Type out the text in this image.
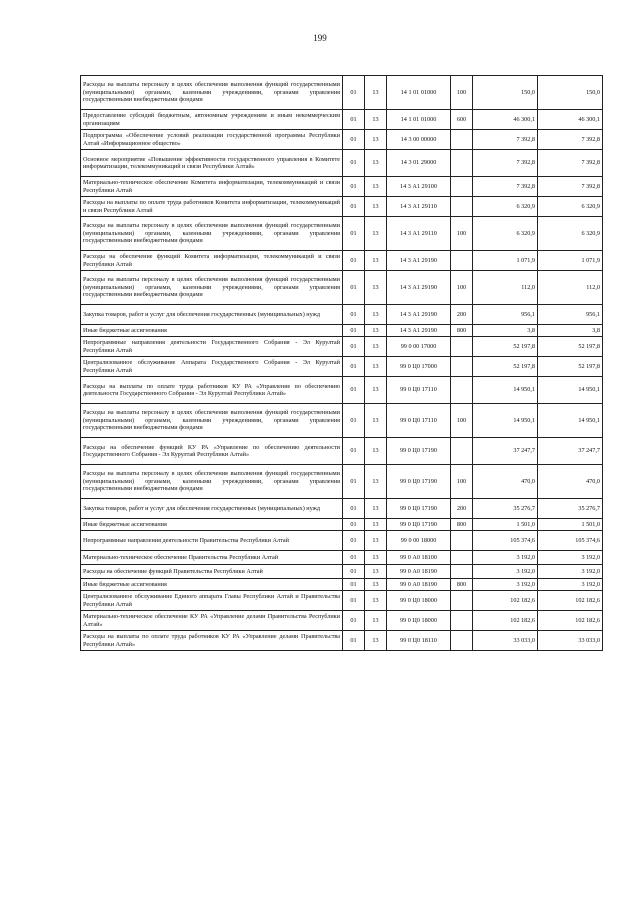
199
Расходы на выплаты персоналу в целях обеспечения выполнения функций государственными (муниципальными) органами, казенными учреждениями, органами управления государственными внебюджетными фондами	01	13	14 1 01 01000	100	150,0	150,0
Предоставление субсидий бюджетным, автономным учреждениям и иным некоммерческим организациям	01	13	14 1 01 01000	600	46 300,1	46 300,1
Подпрограмма «Обеспечение условий реализации государственной программы Республики Алтай «Информационное общество»	01	13	14 3 00 00000		7 392,8	7 392,8
Основное мероприятие «Повышение эффективности государственного управления в Комитете информатизации, телекоммуникаций и связи Республики Алтай»	01	13	14 3 01 29000		7 392,8	7 392,8
Материально-техническое обеспечение Комитета информатизации, телекоммуникаций и связи Республики Алтай	01	13	14 3 А1 29100		7 392,8	7 392,8
Расходы на выплаты по оплате труда работников Комитета информатизации, телекоммуникаций и связи Республики Алтай	01	13	14 3 А1 29110		6 320,9	6 320,9
Расходы на выплаты персоналу в целях обеспечения выполнения функций государственными (муниципальными) органами, казенными учреждениями, органами управления государственными внебюджетными фондами	01	13	14 3 А1 29110	100	6 320,9	6 320,9
Расходы на обеспечение функций Комитета информатизации, телекоммуникаций и связи Республики Алтай	01	13	14 3 А1 29190		1 071,9	1 071,9
Расходы на выплаты персоналу в целях обеспечения выполнения функций государственными (муниципальными) органами, казенными учреждениями, органами управления государственными внебюджетными фондами	01	13	14 3 А1 29190	100	112,0	112,0
Закупка товаров, работ и услуг для обеспечения государственных (муниципальных) нужд	01	13	14 3 А1 29190	200	956,1	956,1
Иные бюджетные ассигнования	01	13	14 3 А1 29190	800	3,8	3,8
Непрограммные направления деятельности Государственного Собрания - Эл Курултай Республики Алтай	01	13	99 0 00 17000		52 197,8	52 197,8
Централизованное обслуживание Аппарата Государственного Собрания - Эл Курултай Республики Алтай	01	13	99 0 Ц0 17000		52 197,8	52 197,8
Расходы на выплаты по оплате труда работников КУ РА «Управление по обеспечению деятельности Государственного Собрания - Эл Курултай Республики Алтай»	01	13	99 0 Ц0 17110		14 950,1	14 950,1
Расходы на выплаты персоналу в целях обеспечения выполнения функций государственными (муниципальными) органами, казенными учреждениями, органами управления государственными внебюджетными фондами	01	13	99 0 Ц0 17110	100	14 950,1	14 950,1
Расходы на обеспечение функций КУ РА «Управление по обеспечению деятельности Государственного Собрания - Эл Курултай Республики Алтай»	01	13	99 0 Ц0 17190		37 247,7	37 247,7
Расходы на выплаты персоналу в целях обеспечения выполнения функций государственными (муниципальными) органами, казенными учреждениями, органами управления государственными внебюджетными фондами	01	13	99 0 Ц0 17190	100	470,0	470,0
Закупка товаров, работ и услуг для обеспечения государственных (муниципальных) нужд	01	13	99 0 Ц0 17190	200	35 276,7	35 276,7
Иные бюджетные ассигнования	01	13	99 0 Ц0 17190	800	1 501,0	1 501,0
Непрограммные направления деятельности Правительства Республики Алтай	01	13	99 0 00 18000		105 374,6	105 374,6
Материально-техническое обеспечение Правительства Республики Алтай	01	13	99 0 А0 18100		3 192,0	3 192,0
Расходы на обеспечение функций Правительства Республики Алтай	01	13	99 0 А0 18190		3 192,0	3 192,0
Иные бюджетные ассигнования	01	13	99 0 А0 18190	800	3 192,0	3 192,0
Централизованное обслуживание Единого аппарата Главы Республики Алтай и Правительства Республики Алтай	01	13	99 0 Ц0 18000		102 182,6	102 182,6
Материально-техническое обеспечение КУ РА «Управление делами Правительства Республики Алтай»	01	13	99 0 Ц0 18000		102 182,6	102 182,6
Расходы на выплаты по оплате труда работников КУ РА «Управление делами Правительства Республики Алтай»	01	13	99 0 Ц0 18110		33 033,0	33 033,0
